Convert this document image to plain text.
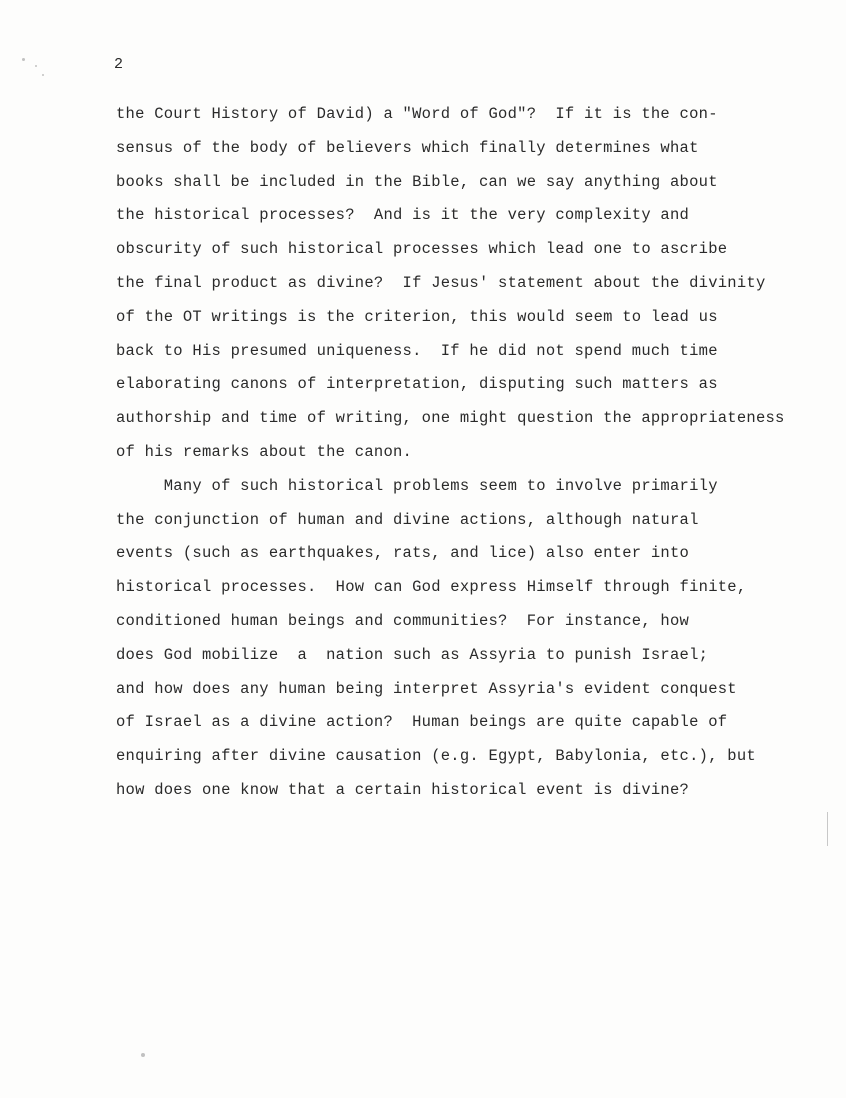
2
the Court History of David) a "Word of God"?  If it is the con-
sensus of the body of believers which finally determines what
books shall be included in the Bible, can we say anything about
the historical processes?  And is it the very complexity and
obscurity of such historical processes which lead one to ascribe
the final product as divine?  If Jesus' statement about the divinity
of the OT writings is the criterion, this would seem to lead us
back to His presumed uniqueness.  If he did not spend much time
elaborating canons of interpretation, disputing such matters as
authorship and time of writing, one might question the appropriateness
of his remarks about the canon.
Many of such historical problems seem to involve primarily
the conjunction of human and divine actions, although natural
events (such as earthquakes, rats, and lice) also enter into
historical processes.  How can God express Himself through finite,
conditioned human beings and communities?  For instance, how
does God mobilize  a  nation such as Assyria to punish Israel;
and how does any human being interpret Assyria's evident conquest
of Israel as a divine action?  Human beings are quite capable of
enquiring after divine causation (e.g. Egypt, Babylonia, etc.), but
how does one know that a certain historical event is divine?
